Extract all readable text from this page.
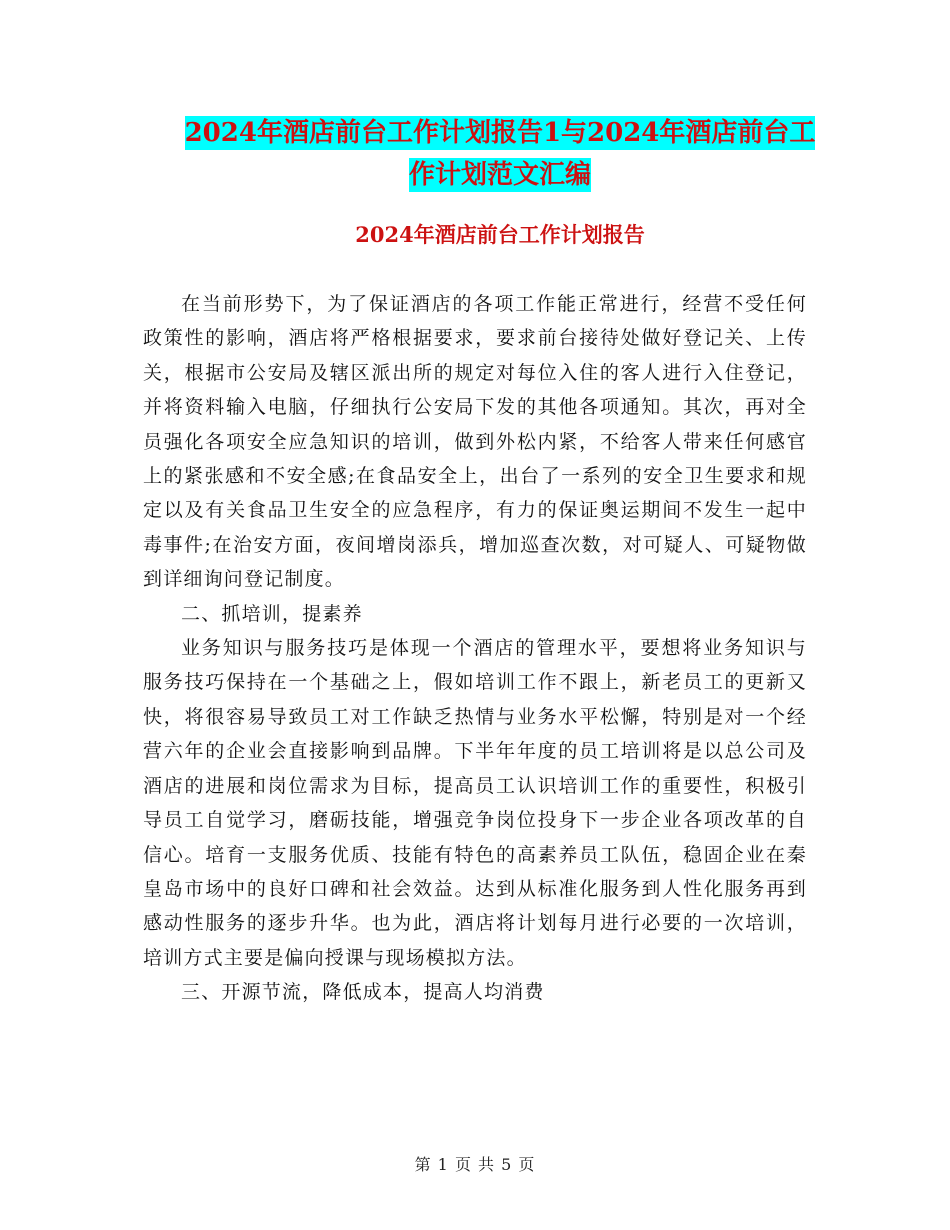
2024年酒店前台工作计划报告1与2024年酒店前台工
作计划范文汇编
2024年酒店前台工作计划报告

在当前形势下，为了保证酒店的各项工作能正常进行，经营不受任何政策性的影响，酒店将严格根据要求，要求前台接待处做好登记关、上传关，根据市公安局及辖区派出所的规定对每位入住的客人进行入住登记，并将资料输入电脑，仔细执行公安局下发的其他各项通知。其次，再对全员强化各项安全应急知识的培训，做到外松内紧，不给客人带来任何感官上的紧张感和不安全感;在食品安全上，出台了一系列的安全卫生要求和规定以及有关食品卫生安全的应急程序，有力的保证奥运期间不发生一起中毒事件;在治安方面，夜间增岗添兵，增加巡查次数，对可疑人、可疑物做到详细询问登记制度。

二、抓培训，提素养

业务知识与服务技巧是体现一个酒店的管理水平，要想将业务知识与服务技巧保持在一个基础之上，假如培训工作不跟上，新老员工的更新又快，将很容易导致员工对工作缺乏热情与业务水平松懈，特别是对一个经营六年的企业会直接影响到品牌。下半年年度的员工培训将是以总公司及酒店的进展和岗位需求为目标，提高员工认识培训工作的重要性，积极引导员工自觉学习，磨砺技能，增强竞争岗位投身下一步企业各项改革的自信心。培育一支服务优质、技能有特色的高素养员工队伍，稳固企业在秦皇岛市场中的良好口碑和社会效益。达到从标准化服务到人性化服务再到感动性服务的逐步升华。也为此，酒店将计划每月进行必要的一次培训，培训方式主要是偏向授课与现场模拟方法。

三、开源节流，降低成本，提高人均消费

第 1 页 共 5 页
